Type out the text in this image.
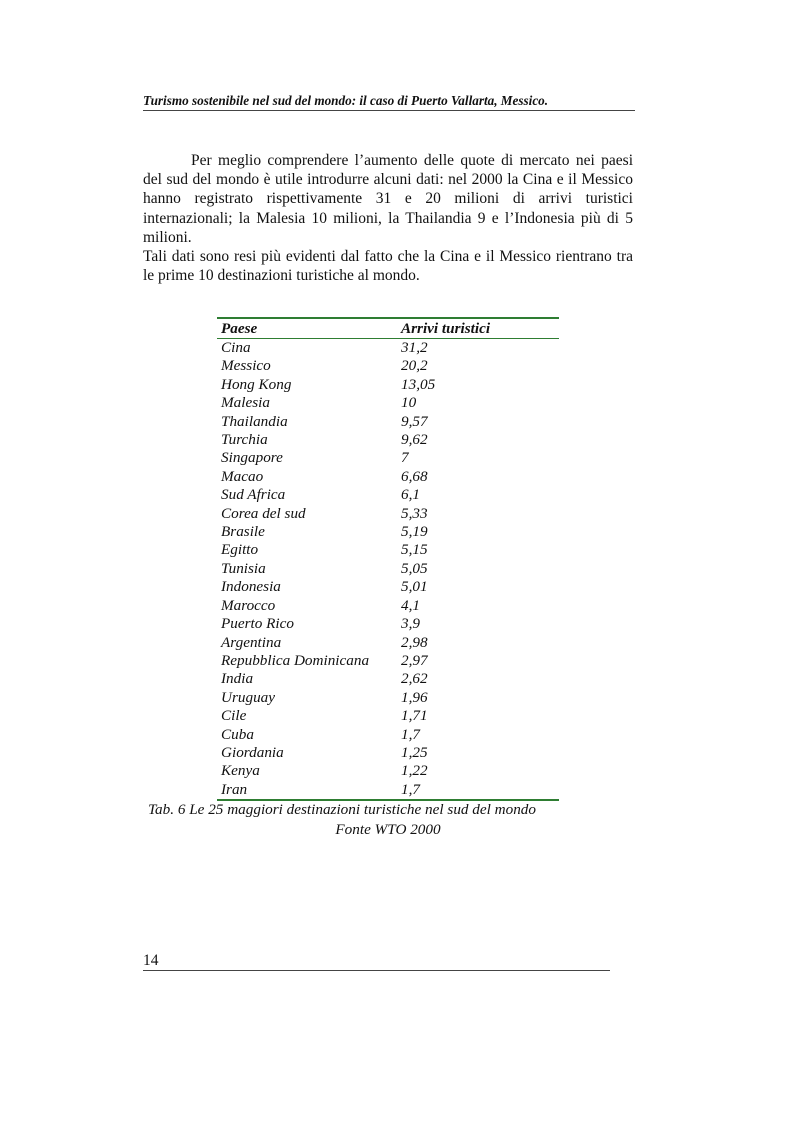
Turismo sostenibile nel sud del mondo: il caso di Puerto Vallarta, Messico.

Per meglio comprendere l’aumento delle quote di mercato nei paesi del sud del mondo è utile introdurre alcuni dati: nel 2000 la Cina e il Messico hanno registrato rispettivamente 31 e 20 milioni di arrivi turistici internazionali; la Malesia 10 milioni, la Thailandia 9 e l’Indonesia più di 5 milioni.

Tali dati sono resi più evidenti dal fatto che la Cina e il Messico rientrano tra le prime 10 destinazioni turistiche al mondo.

Paese	Arrivi turistici
Cina	31,2
Messico	20,2
Hong Kong	13,05
Malesia	10
Thailandia	9,57
Turchia	9,62
Singapore	7
Macao	6,68
Sud Africa	6,1
Corea del sud	5,33
Brasile	5,19
Egitto	5,15
Tunisia	5,05
Indonesia	5,01
Marocco	4,1
Puerto Rico	3,9
Argentina	2,98
Repubblica Dominicana	2,97
India	2,62
Uruguay	1,96
Cile	1,71
Cuba	1,7
Giordania	1,25
Kenya	1,22
Iran	1,7
Tab. 6 Le 25 maggiori destinazioni turistiche nel sud del mondo
Fonte WTO 2000
14
